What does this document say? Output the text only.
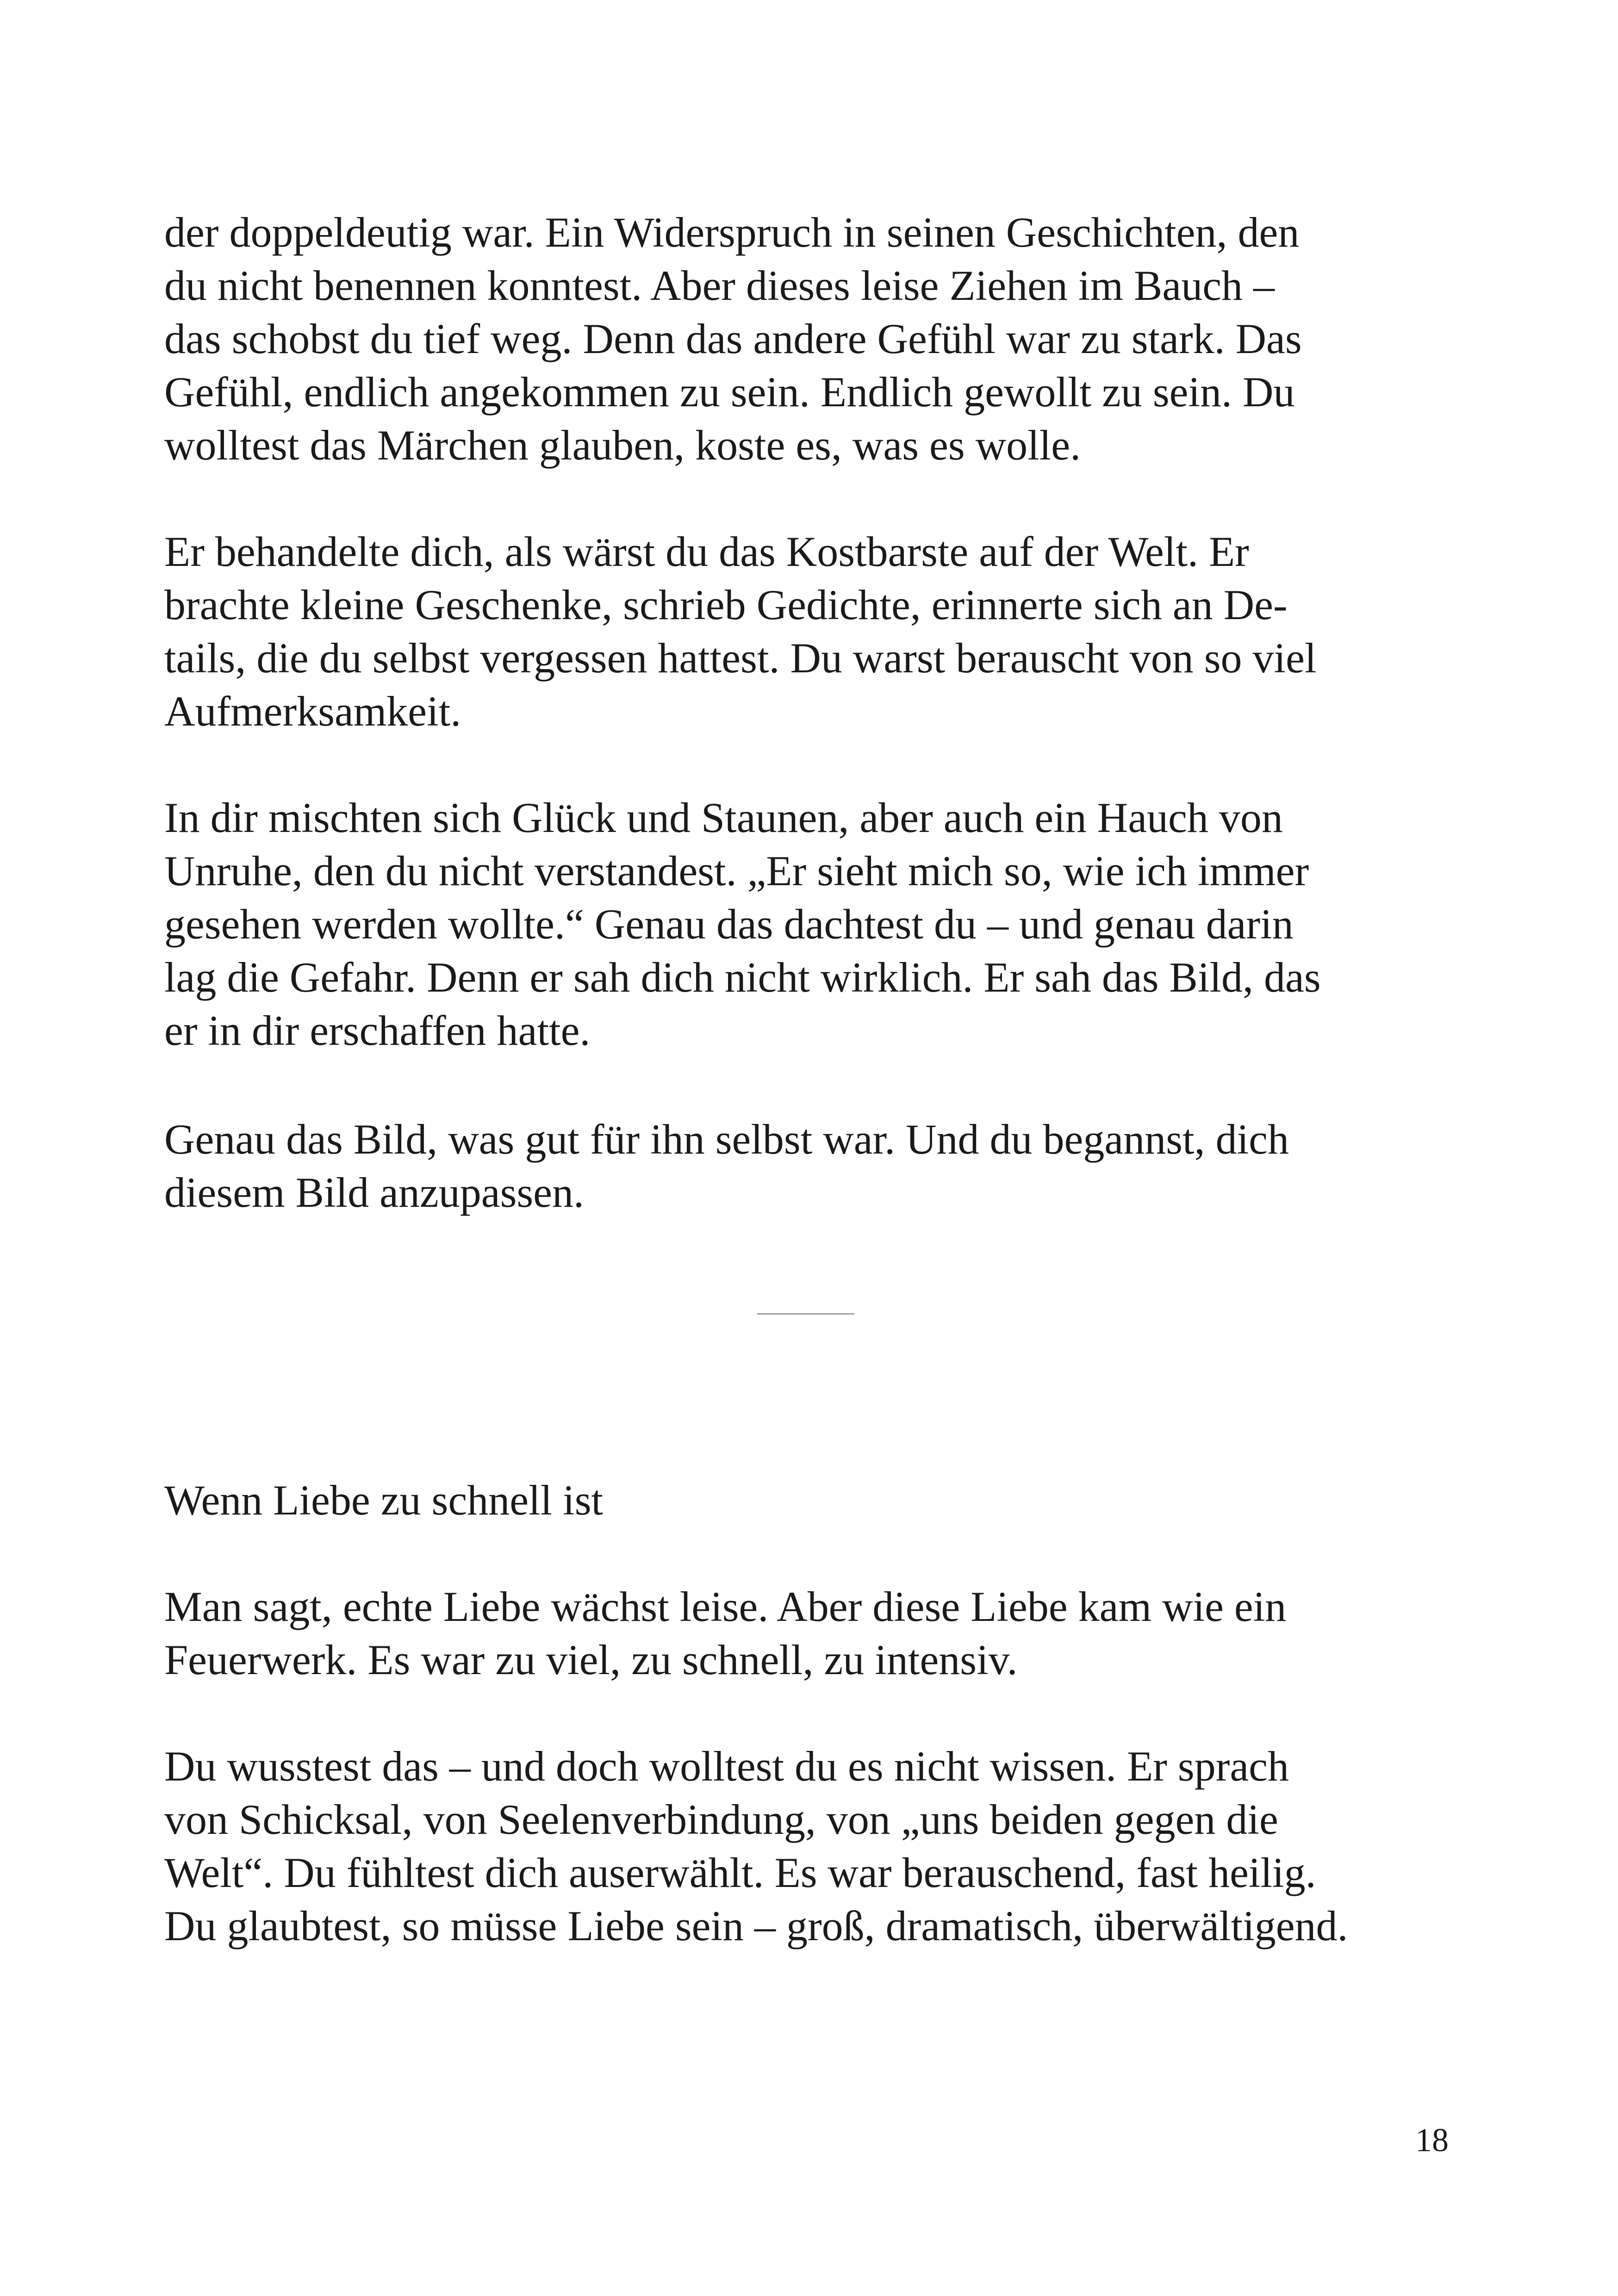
der doppeldeutig war. Ein Widerspruch in seinen Geschichten, den
du nicht benennen konntest. Aber dieses leise Ziehen im Bauch –
das schobst du tief weg. Denn das andere Gefühl war zu stark. Das
Gefühl, endlich angekommen zu sein. Endlich gewollt zu sein. Du
wolltest das Märchen glauben, koste es, was es wolle.

Er behandelte dich, als wärst du das Kostbarste auf der Welt. Er
brachte kleine Geschenke, schrieb Gedichte, erinnerte sich an De-
tails, die du selbst vergessen hattest. Du warst berauscht von so viel
Aufmerksamkeit.

In dir mischten sich Glück und Staunen, aber auch ein Hauch von
Unruhe, den du nicht verstandest. „Er sieht mich so, wie ich immer
gesehen werden wollte.“ Genau das dachtest du – und genau darin
lag die Gefahr. Denn er sah dich nicht wirklich. Er sah das Bild, das
er in dir erschaffen hatte.

Genau das Bild, was gut für ihn selbst war. Und du begannst, dich
diesem Bild anzupassen.

Wenn Liebe zu schnell ist

Man sagt, echte Liebe wächst leise. Aber diese Liebe kam wie ein
Feuerwerk. Es war zu viel, zu schnell, zu intensiv.

Du wusstest das – und doch wolltest du es nicht wissen. Er sprach
von Schicksal, von Seelenverbindung, von „uns beiden gegen die
Welt“. Du fühltest dich auserwählt. Es war berauschend, fast heilig.
Du glaubtest, so müsse Liebe sein – groß, dramatisch, überwältigend.

18
